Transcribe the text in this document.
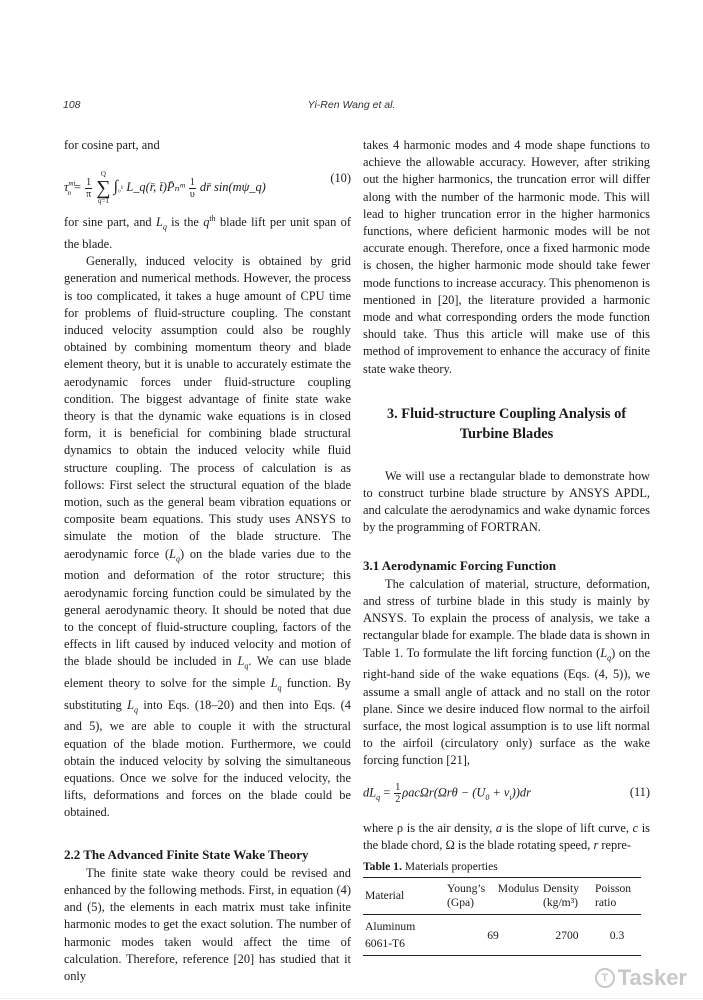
108	Yi-Ren Wang et al.

for cosine part, and

$\tau^{mi}_n = \frac{1}{\pi}$

Q
∑
q=1
∫₀¹ L_q(r̄, t̄)P̄ₙᵐ $\frac{1}{\upsilon}$ dr̄ sin(mψ_q)
(10)

for sine part, and $L_q$ is the $q^{th}$ blade lift per unit span of the blade.

Generally, induced velocity is obtained by grid generation and numerical methods. However, the process is too complicated, it takes a huge amount of CPU time for problems of fluid-structure coupling. The constant induced velocity assumption could also be roughly obtained by combining momentum theory and blade element theory, but it is unable to accurately estimate the aerodynamic forces under fluid-structure coupling condition. The biggest advantage of finite state wake theory is that the dynamic wake equations is in closed form, it is beneficial for combining blade structural dynamics to obtain the induced velocity while fluid structure coupling. The process of calculation is as follows: First select the structural equation of the blade motion, such as the general beam vibration equations or composite beam equations. This study uses ANSYS to simulate the motion of the blade structure. The aerodynamic force $(L_q)$ on the blade varies due to the motion and deformation of the rotor structure; this aerodynamic forcing function could be simulated by the general aerodynamic theory. It should be noted that due to the concept of fluid-structure coupling, factors of the effects in lift caused by induced velocity and motion of the blade should be included in $L_q$. We can use blade element theory to solve for the simple $L_q$ function. By substituting $L_q$ into Eqs. (18–20) and then into Eqs. (4 and 5), we are able to couple it with the structural equation of the blade motion. Furthermore, we could obtain the induced velocity by solving the simultaneous equations. Once we solve for the induced velocity, the lifts, deformations and forces on the blade could be obtained.

2.2 The Advanced Finite State Wake Theory

The finite state wake theory could be revised and enhanced by the following methods. First, in equation (4) and (5), the elements in each matrix must take infinite harmonic modes to get the exact solution. The number of harmonic modes taken would affect the time of calculation. Therefore, reference [20] has studied that it only

takes 4 harmonic modes and 4 mode shape functions to achieve the allowable accuracy. However, after striking out the higher harmonics, the truncation error will differ along with the number of the harmonic mode. This will lead to higher truncation error in the higher harmonics functions, where deficient harmonic modes will be not accurate enough. Therefore, once a fixed harmonic mode is chosen, the higher harmonic mode should take fewer mode functions to increase accuracy. This phenomenon is mentioned in [20], the literature provided a harmonic mode and what corresponding orders the mode function should take. Thus this article will make use of this method of improvement to enhance the accuracy of finite state wake theory.

3. Fluid-structure Coupling Analysis of Turbine Blades

We will use a rectangular blade to demonstrate how to construct turbine blade structure by ANSYS APDL, and calculate the aerodynamics and wake dynamic forces by the programming of FORTRAN.

3.1 Aerodynamic Forcing Function

The calculation of material, structure, deformation, and stress of turbine blade in this study is mainly by ANSYS. To explain the process of analysis, we take a rectangular blade for example. The blade data is shown in Table 1. To formulate the lift forcing function $(L_q)$ on the right-hand side of the wake equations (Eqs. (4, 5)), we assume a small angle of attack and no stall on the rotor plane. Since we desire induced flow normal to the airfoil surface, the most logical assumption is to use lift normal to the airfoil (circulatory only) surface as the wake forcing function [21],

$dL_q = \frac{1}{2} \rho ac\Omega r(\Omega r\theta - (U_0 + v_i))dr$	(11)

where ρ is the air density, a is the slope of lift curve, c is the blade chord, Ω is the blade rotating speed, r repre-

Table 1. Materials properties
Material	Young’s Modulus (Gpa)	Density (kg/m³)	Poisson ratio
Aluminum 6061-T6	69	2700	0.3
T Tasker
